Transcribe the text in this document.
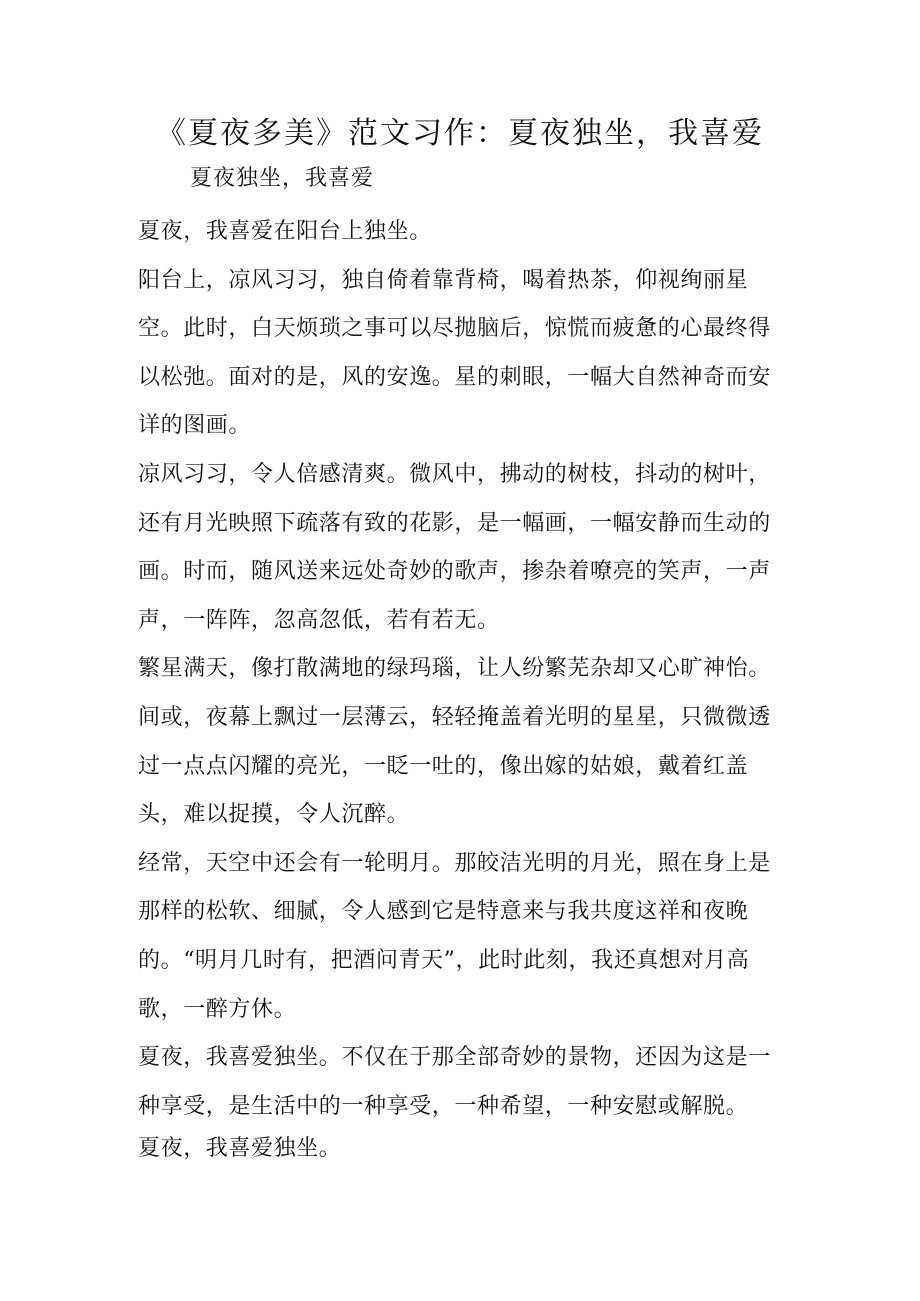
《夏夜多美》范文习作：夏夜独坐，我喜爱
夏夜独坐，我喜爱

夏夜，我喜爱在阳台上独坐。

阳台上，凉风习习，独自倚着靠背椅，喝着热茶，仰视绚丽星空。此时，白天烦琐之事可以尽抛脑后，惊慌而疲惫的心最终得以松弛。面对的是，风的安逸。星的刺眼，一幅大自然神奇而安详的图画。

凉风习习，令人倍感清爽。微风中，拂动的树枝，抖动的树叶，还有月光映照下疏落有致的花影，是一幅画，一幅安静而生动的画。时而，随风送来远处奇妙的歌声，掺杂着嘹亮的笑声，一声声，一阵阵，忽高忽低，若有若无。

繁星满天，像打散满地的绿玛瑙，让人纷繁芜杂却又心旷神怡。间或，夜幕上飘过一层薄云，轻轻掩盖着光明的星星，只微微透过一点点闪耀的亮光，一眨一吐的，像出嫁的姑娘，戴着红盖头，难以捉摸，令人沉醉。

经常，天空中还会有一轮明月。那皎洁光明的月光，照在身上是那样的松软、细腻，令人感到它是特意来与我共度这祥和夜晚的。“明月几时有，把酒问青天”，此时此刻，我还真想对月高歌，一醉方休。

夏夜，我喜爱独坐。不仅在于那全部奇妙的景物，还因为这是一种享受，是生活中的一种享受，一种希望，一种安慰或解脱。

夏夜，我喜爱独坐。
